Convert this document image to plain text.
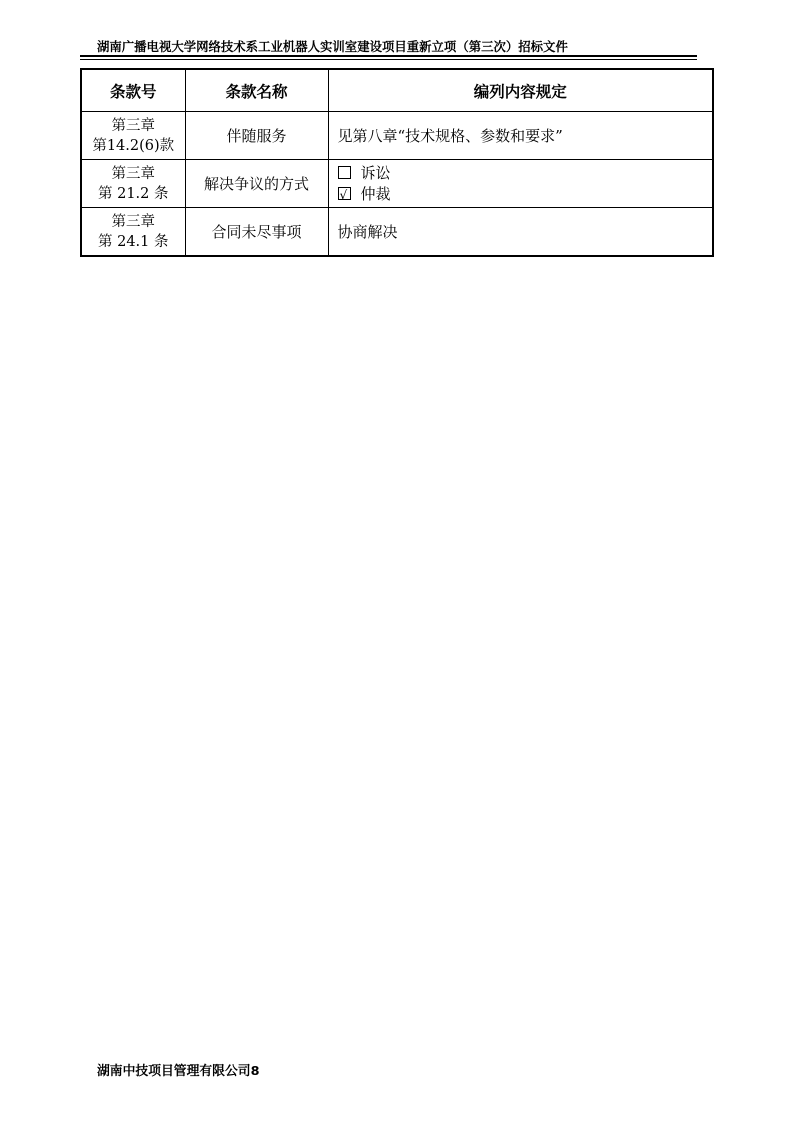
湖南广播电视大学网络技术系工业机器人实训室建设项目重新立项（第三次）招标文件
条款号	条款名称	编列内容规定

第三章
第14.2(6)款	伴随服务	见第八章“技术规格、参数和要求”

第三章
第 21.2 条	解决争议的方式	诉讼
√ 仲裁

第三章
第 24.1 条	合同未尽事项	协商解决
湖南中技项目管理有限公司8
